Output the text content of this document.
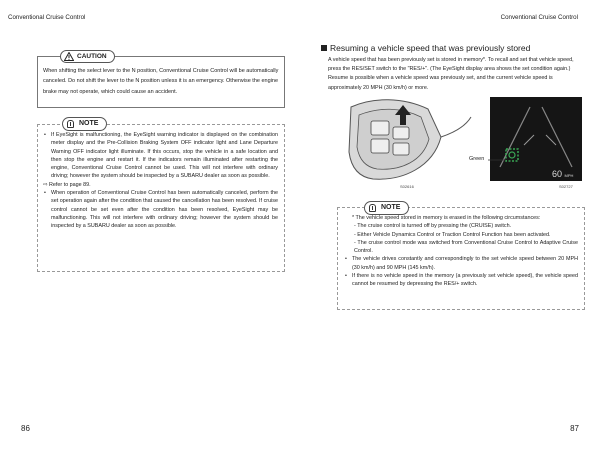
Conventional Cruise Control	Conventional Cruise Control
CAUTION
When shifting the select lever to the N position, Conventional Cruise Control will be automatically canceled. Do not shift the lever to the N position unless it is an emergency. Otherwise the engine brake may not operate, which could cause an accident.
NOTE
• If EyeSight is malfunctioning, the EyeSight warning indicator is displayed on the combination meter display and the Pre-Collision Braking System OFF indicator light and Lane Departure Warning OFF indicator light illuminate. If this occurs, stop the vehicle in a safe location and then stop the engine and restart it. If the indicators remain illuminated after restarting the engine, Conventional Cruise Control cannot be used. This will not interfere with ordinary driving; however the system should be inspected by a SUBARU dealer as soon as possible.
⇨ Refer to page 89.
• When operation of Conventional Cruise Control has been automatically canceled, perform the set operation again after the condition that caused the cancellation has been resolved. If cruise control cannot be set even after the condition has been resolved, EyeSight may be malfunctioning. This will not interfere with ordinary driving; however the system should be inspected by a SUBARU dealer as soon as possible.
Resuming a vehicle speed that was previously stored
A vehicle speed that has been previously set is stored in memory*. To recall and set that vehicle speed, press the RES/SET switch to the "RES/+". (The EyeSight display area shows the set condition again.)
Resume is possible when a vehicle speed was previously set, and the current vehicle speed is approximately 20 MPH (30 km/h) or more.
S02616
Green
60 MPH
S02727
NOTE
* The vehicle speed stored in memory is erased in the following circumstances:
- The cruise control is turned off by pressing the (CRUISE) switch.
- Either Vehicle Dynamics Control or Traction Control Function has been activated.
- The cruise control mode was switched from Conventional Cruise Control to Adaptive Cruise Control.
• The vehicle drives constantly and correspondingly to the set vehicle speed between 20 MPH (30 km/h) and 90 MPH (145 km/h).
• If there is no vehicle speed in the memory (a previously set vehicle speed), the vehicle speed cannot be resumed by depressing the RES/+ switch.
86	87
